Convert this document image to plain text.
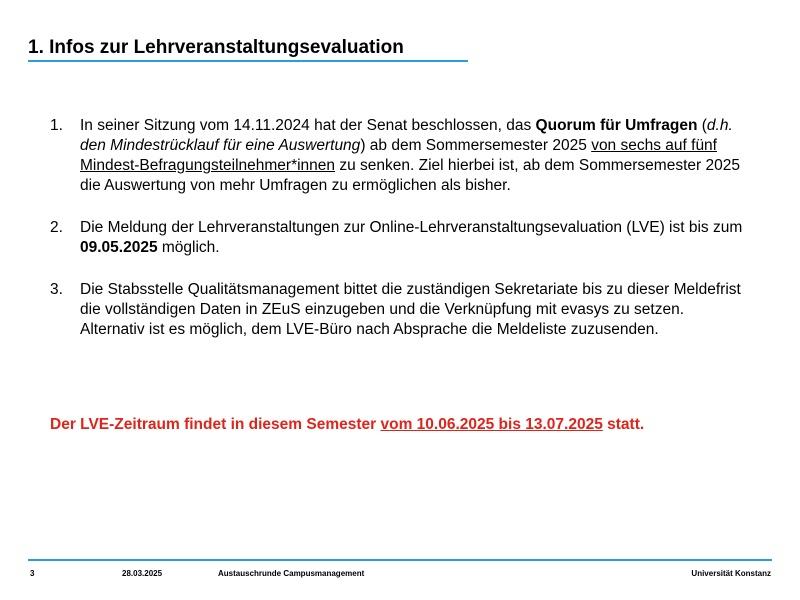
1. Infos zur Lehrveranstaltungsevaluation
1. In seiner Sitzung vom 14.11.2024 hat der Senat beschlossen, das Quorum für Umfragen (d.h. den Mindestrücklauf für eine Auswertung) ab dem Sommersemester 2025 von sechs auf fünf Mindest-Befragungsteilnehmer*innen zu senken. Ziel hierbei ist, ab dem Sommersemester 2025 die Auswertung von mehr Umfragen zu ermöglichen als bisher.
2. Die Meldung der Lehrveranstaltungen zur Online-Lehrveranstaltungsevaluation (LVE) ist bis zum 09.05.2025 möglich.
3. Die Stabsstelle Qualitätsmanagement bittet die zuständigen Sekretariate bis zu dieser Meldefrist die vollständigen Daten in ZEuS einzugeben und die Verknüpfung mit evasys zu setzen. Alternativ ist es möglich, dem LVE-Büro nach Absprache die Meldeliste zuzusenden.

Der LVE-Zeitraum findet in diesem Semester vom 10.06.2025 bis 13.07.2025 statt.

3	28.03.2025	Austauschrunde Campusmanagement	Universität Konstanz
